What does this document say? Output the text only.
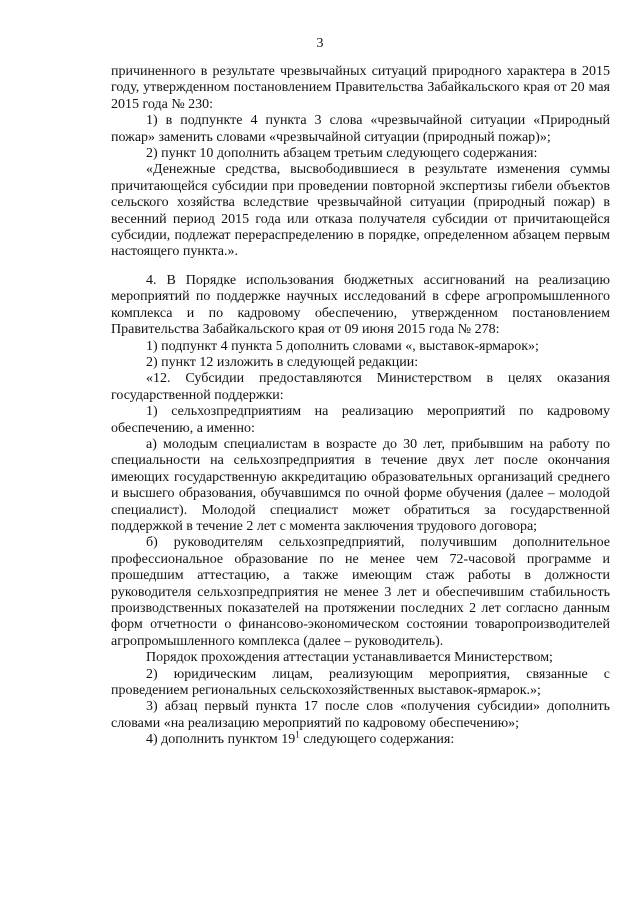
3

причиненного в результате чрезвычайных ситуаций природного характера в 2015 году, утвержденном постановлением Правительства Забайкальского края от 20 мая 2015 года № 230:

1) в подпункте 4 пункта 3 слова «чрезвычайной ситуации «Природный пожар» заменить словами «чрезвычайной ситуации (природный пожар)»;

2) пункт 10 дополнить абзацем третьим следующего содержания:

«Денежные средства, высвободившиеся в результате изменения суммы причитающейся субсидии при проведении повторной экспертизы гибели объектов сельского хозяйства вследствие чрезвычайной ситуации (природный пожар) в весенний период 2015 года или отказа получателя субсидии от причитающейся субсидии, подлежат перераспределению в порядке, определенном абзацем первым настоящего пункта.».

4. В Порядке использования бюджетных ассигнований на реализацию мероприятий по поддержке научных исследований в сфере агропромышленного комплекса и по кадровому обеспечению, утвержденном постановлением Правительства Забайкальского края от 09 июня 2015 года № 278:

1) подпункт 4 пункта 5 дополнить словами «, выставок-ярмарок»;

2) пункт 12 изложить в следующей редакции:

«12. Субсидии предоставляются Министерством в целях оказания государственной поддержки:

1) сельхозпредприятиям на реализацию мероприятий по кадровому обеспечению, а именно:

а) молодым специалистам в возрасте до 30 лет, прибывшим на работу по специальности на сельхозпредприятия в течение двух лет после окончания имеющих государственную аккредитацию образовательных организаций среднего и высшего образования, обучавшимся по очной форме обучения (далее – молодой специалист). Молодой специалист может обратиться за государственной поддержкой в течение 2 лет с момента заключения трудового договора;

б) руководителям сельхозпредприятий, получившим дополнительное профессиональное образование по не менее чем 72-часовой программе и прошедшим аттестацию, а также имеющим стаж работы в должности руководителя сельхозпредприятия не менее 3 лет и обеспечившим стабильность производственных показателей на протяжении последних 2 лет согласно данным форм отчетности о финансово-экономическом состоянии товаропроизводителей агропромышленного комплекса (далее – руководитель).

Порядок прохождения аттестации устанавливается Министерством;

2) юридическим лицам, реализующим мероприятия, связанные с проведением региональных сельскохозяйственных выставок-ярмарок.»;

3) абзац первый пункта 17 после слов «получения субсидии» дополнить словами «на реализацию мероприятий по кадровому обеспечению»;

4) дополнить пунктом $19^1$ следующего содержания:
